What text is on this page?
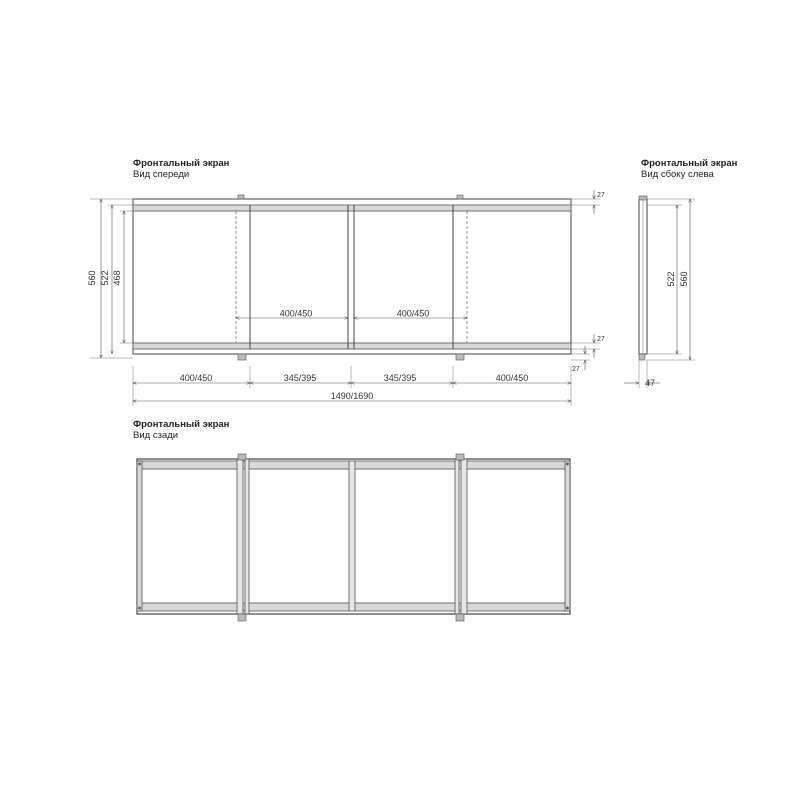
Фронтальный экран
Вид спереди
Фронтальный экран
Вид сбоку слева
Фронтальный экран
Вид сзади
560 522 468
27
27
27
400/450	400/450
400/450	345/395	345/395	400/450
1490/1690
522 560
47
